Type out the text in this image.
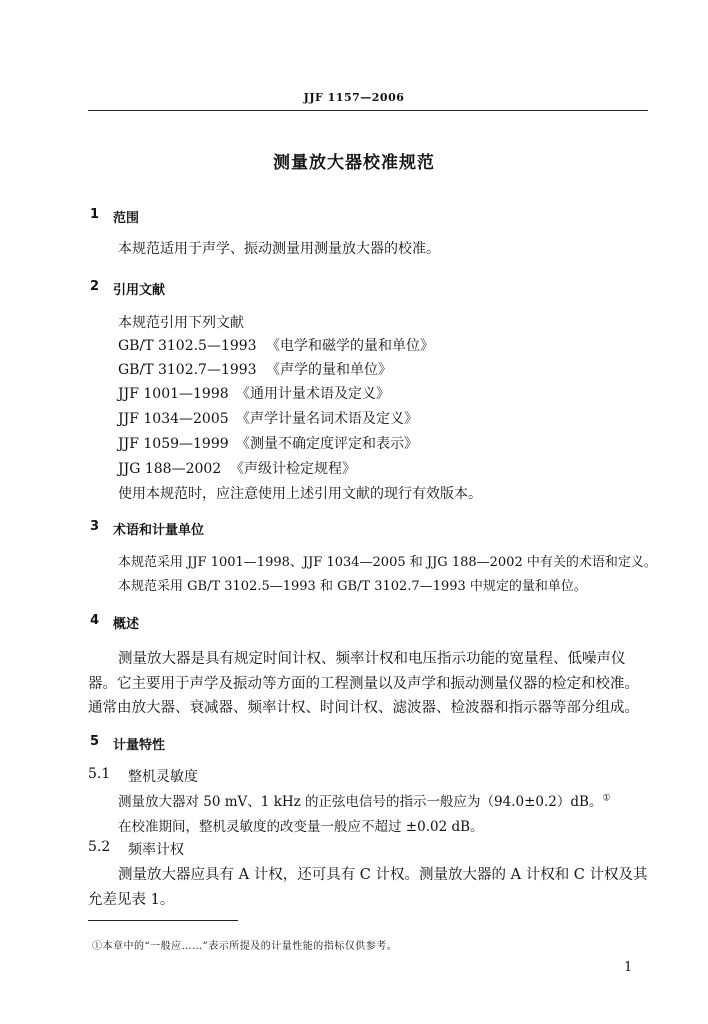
JJF 1157—2006
测量放大器校准规范
1 范围
本规范适用于声学、振动测量用测量放大器的校准。
2 引用文献
本规范引用下列文献
GB/T 3102.5—1993 《电学和磁学的量和单位》
GB/T 3102.7—1993 《声学的量和单位》
JJF 1001—1998 《通用计量术语及定义》
JJF 1034—2005 《声学计量名词术语及定义》
JJF 1059—1999 《测量不确定度评定和表示》
JJG 188—2002 《声级计检定规程》
使用本规范时，应注意使用上述引用文献的现行有效版本。
3 术语和计量单位
本规范采用 JJF 1001—1998、JJF 1034—2005 和 JJG 188—2002 中有关的术语和定义。
本规范采用 GB/T 3102.5—1993 和 GB/T 3102.7—1993 中规定的量和单位。
4 概述
测量放大器是具有规定时间计权、频率计权和电压指示功能的宽量程、低噪声仪
器。它主要用于声学及振动等方面的工程测量以及声学和振动测量仪器的检定和校准。
通常由放大器、衰减器、频率计权、时间计权、滤波器、检波器和指示器等部分组成。
5 计量特性
5.1 整机灵敏度
测量放大器对 50 mV、1 kHz 的正弦电信号的指示一般应为（94.0±0.2）dB。①
在校准期间，整机灵敏度的改变量一般应不超过 ±0.02 dB。
5.2 频率计权
测量放大器应具有 A 计权，还可具有 C 计权。测量放大器的 A 计权和 C 计权及其
允差见表 1。
①本章中的“一般应……”表示所提及的计量性能的指标仅供参考。
1
